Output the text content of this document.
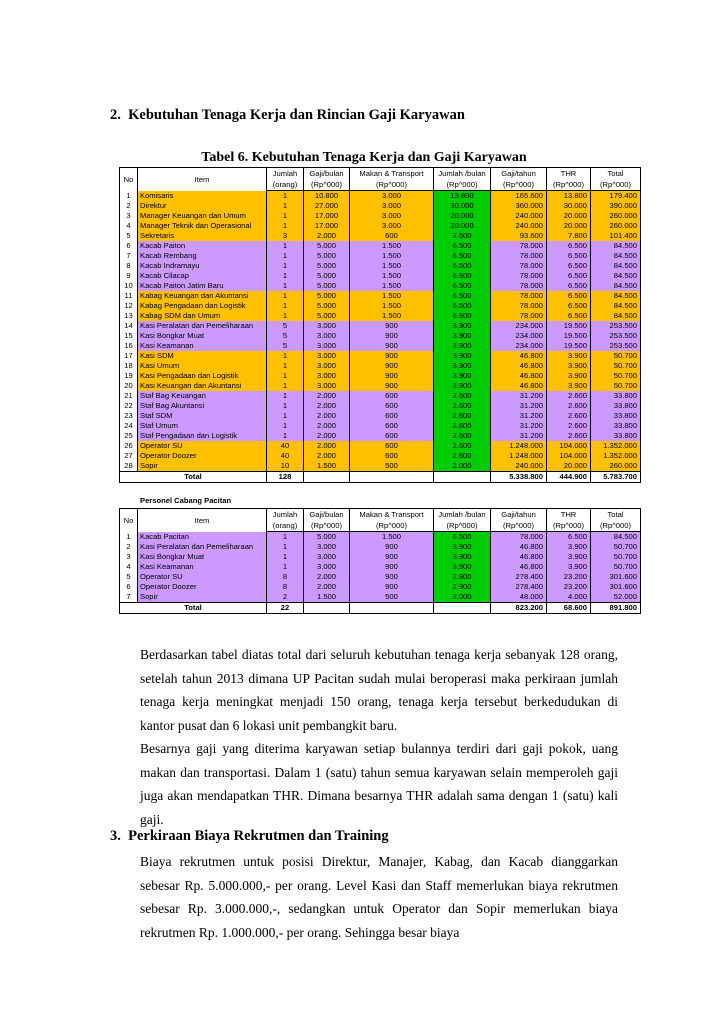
2. Kebutuhan Tenaga Kerja dan Rincian Gaji Karyawan
Tabel 6. Kebutuhan Tenaga Kerja dan Gaji Karyawan
No	Item	Jumlah	Gaji/bulan	Makan & Transport	Jumlah /bulan	Gaji/tahun	THR	Total
		(orang)	(Rp^000)	(Rp^000)	(Rp^000)	(Rp^000)	(Rp^000)	(Rp^000)
1	Komisaris	1	10.800	3.000	13.800	165.600	13.800	179.400
2	Direktur	1	27.000	3.000	30.000	360.000	30.000	390.000
3	Manager Keuangan dan Umum	1	17.000	3.000	20.000	240.000	20.000	260.000
4	Manager Teknik dan Operasional	1	17.000	3.000	20.000	240.000	20.000	260.000
5	Sekretaris	3	2.000	600	2.600	93.600	7.800	101.400
6	Kacab Paiton	1	5.000	1.500	6.500	78.000	6.500	84.500
7	Kacab Rembang	1	5.000	1.500	6.500	78.000	6.500	84.500
8	Kacab Indramayu	1	5.000	1.500	6.500	78.000	6.500	84.500
9	Kacab Cilacap	1	5.000	1.500	6.500	78.000	6.500	84.500
10	Kacab Paiton Jatim Baru	1	5.000	1.500	6.500	78.000	6.500	84.500
11	Kabag Keuangan dan Akuntansi	1	5.000	1.500	6.500	78.000	6.500	84.500
12	Kabag Pengadaan dan Logistik	1	5.000	1.500	6.500	78.000	6.500	84.500
13	Kabag SDM dan Umum	1	5.000	1.500	6.500	78.000	6.500	84.500
14	Kasi Peralatan dan Pemeliharaan	5	3.000	900	3.900	234.000	19.500	253.500
15	Kasi Bongkar Muat	5	3.000	900	3.900	234.000	19.500	253.500
16	Kasi Keamanan	5	3.000	900	3.900	234.000	19.500	253.500
17	Kasi SDM	1	3.000	900	3.900	46.800	3.900	50.700
18	Kasi Umum	1	3.000	900	3.900	46.800	3.900	50.700
19	Kasi Pengadaan dan Logistik	1	3.000	900	3.900	46.800	3.900	50.700
20	Kasi Keuangan dan Akuntansi	1	3.000	900	3.900	46.800	3.900	50.700
21	Staf Bag Keuangan	1	2.000	600	2.600	31.200	2.600	33.800
22	Staf Bag Akuntansi	1	2.000	600	2.600	31.200	2.600	33.800
23	Staf SDM	1	2.000	600	2.600	31.200	2.600	33.800
24	Staf Umum	1	2.000	600	2.600	31.200	2.600	33.800
25	Staf Pengadaan dan Logistik	1	2.000	600	2.600	31.200	2.600	33.800
26	Operator SU	40	2.000	600	2.600	1.248.000	104.000	1.352.000
27	Operator Doozer	40	2.000	600	2.600	1.248.000	104.000	1.352.000
28	Sopir	10	1.500	500	2.000	240.000	20.000	260.000
Total		128				5.338.800	444.900	5.783.700
Personel Cabang Pacitan
No	Item	Jumlah	Gaji/bulan	Makan & Transport	Jumlah /bulan	Gaji/tahun	THR	Total
		(orang)	(Rp^000)	(Rp^000)	(Rp^000)	(Rp^000)	(Rp^000)	(Rp^000)
1	Kacab Pacitan	1	5.000	1.500	6.500	78.000	6.500	84.500
2	Kasi Peralatan dan Pemeliharaan	1	3.000	900	3.900	46.800	3.900	50.700
3	Kasi Bongkar Muat	1	3.000	900	3.900	46.800	3.900	50.700
4	Kasi Keamanan	1	3.000	900	3.900	46.800	3.900	50.700
5	Operator SU	8	2.000	900	2.900	278.400	23.200	301.600
6	Operator Doozer	8	2.000	900	2.900	278.400	23.200	301.600
7	Sopir	2	1.500	500	2.000	48.000	4.000	52.000
Total		22				823.200	68.600	891.800
Berdasarkan tabel diatas total dari seluruh kebutuhan tenaga kerja sebanyak 128 orang, setelah tahun 2013 dimana UP Pacitan sudah mulai beroperasi maka perkiraan jumlah tenaga kerja meningkat menjadi 150 orang, tenaga kerja tersebut berkedudukan di kantor pusat dan 6 lokasi unit pembangkit baru.
Besarnya gaji yang diterima karyawan setiap bulannya terdiri dari gaji pokok, uang makan dan transportasi. Dalam 1 (satu) tahun semua karyawan selain memperoleh gaji juga akan mendapatkan THR. Dimana besarnya THR adalah sama dengan 1 (satu) kali gaji.
3. Perkiraan Biaya Rekrutmen dan Training
Biaya rekrutmen untuk posisi Direktur, Manajer, Kabag, dan Kacab dianggarkan sebesar Rp. 5.000.000,- per orang. Level Kasi dan Staff memerlukan biaya rekrutmen sebesar Rp. 3.000.000,-, sedangkan untuk Operator dan Sopir memerlukan biaya rekrutmen Rp. 1.000.000,- per orang. Sehingga besar biaya
